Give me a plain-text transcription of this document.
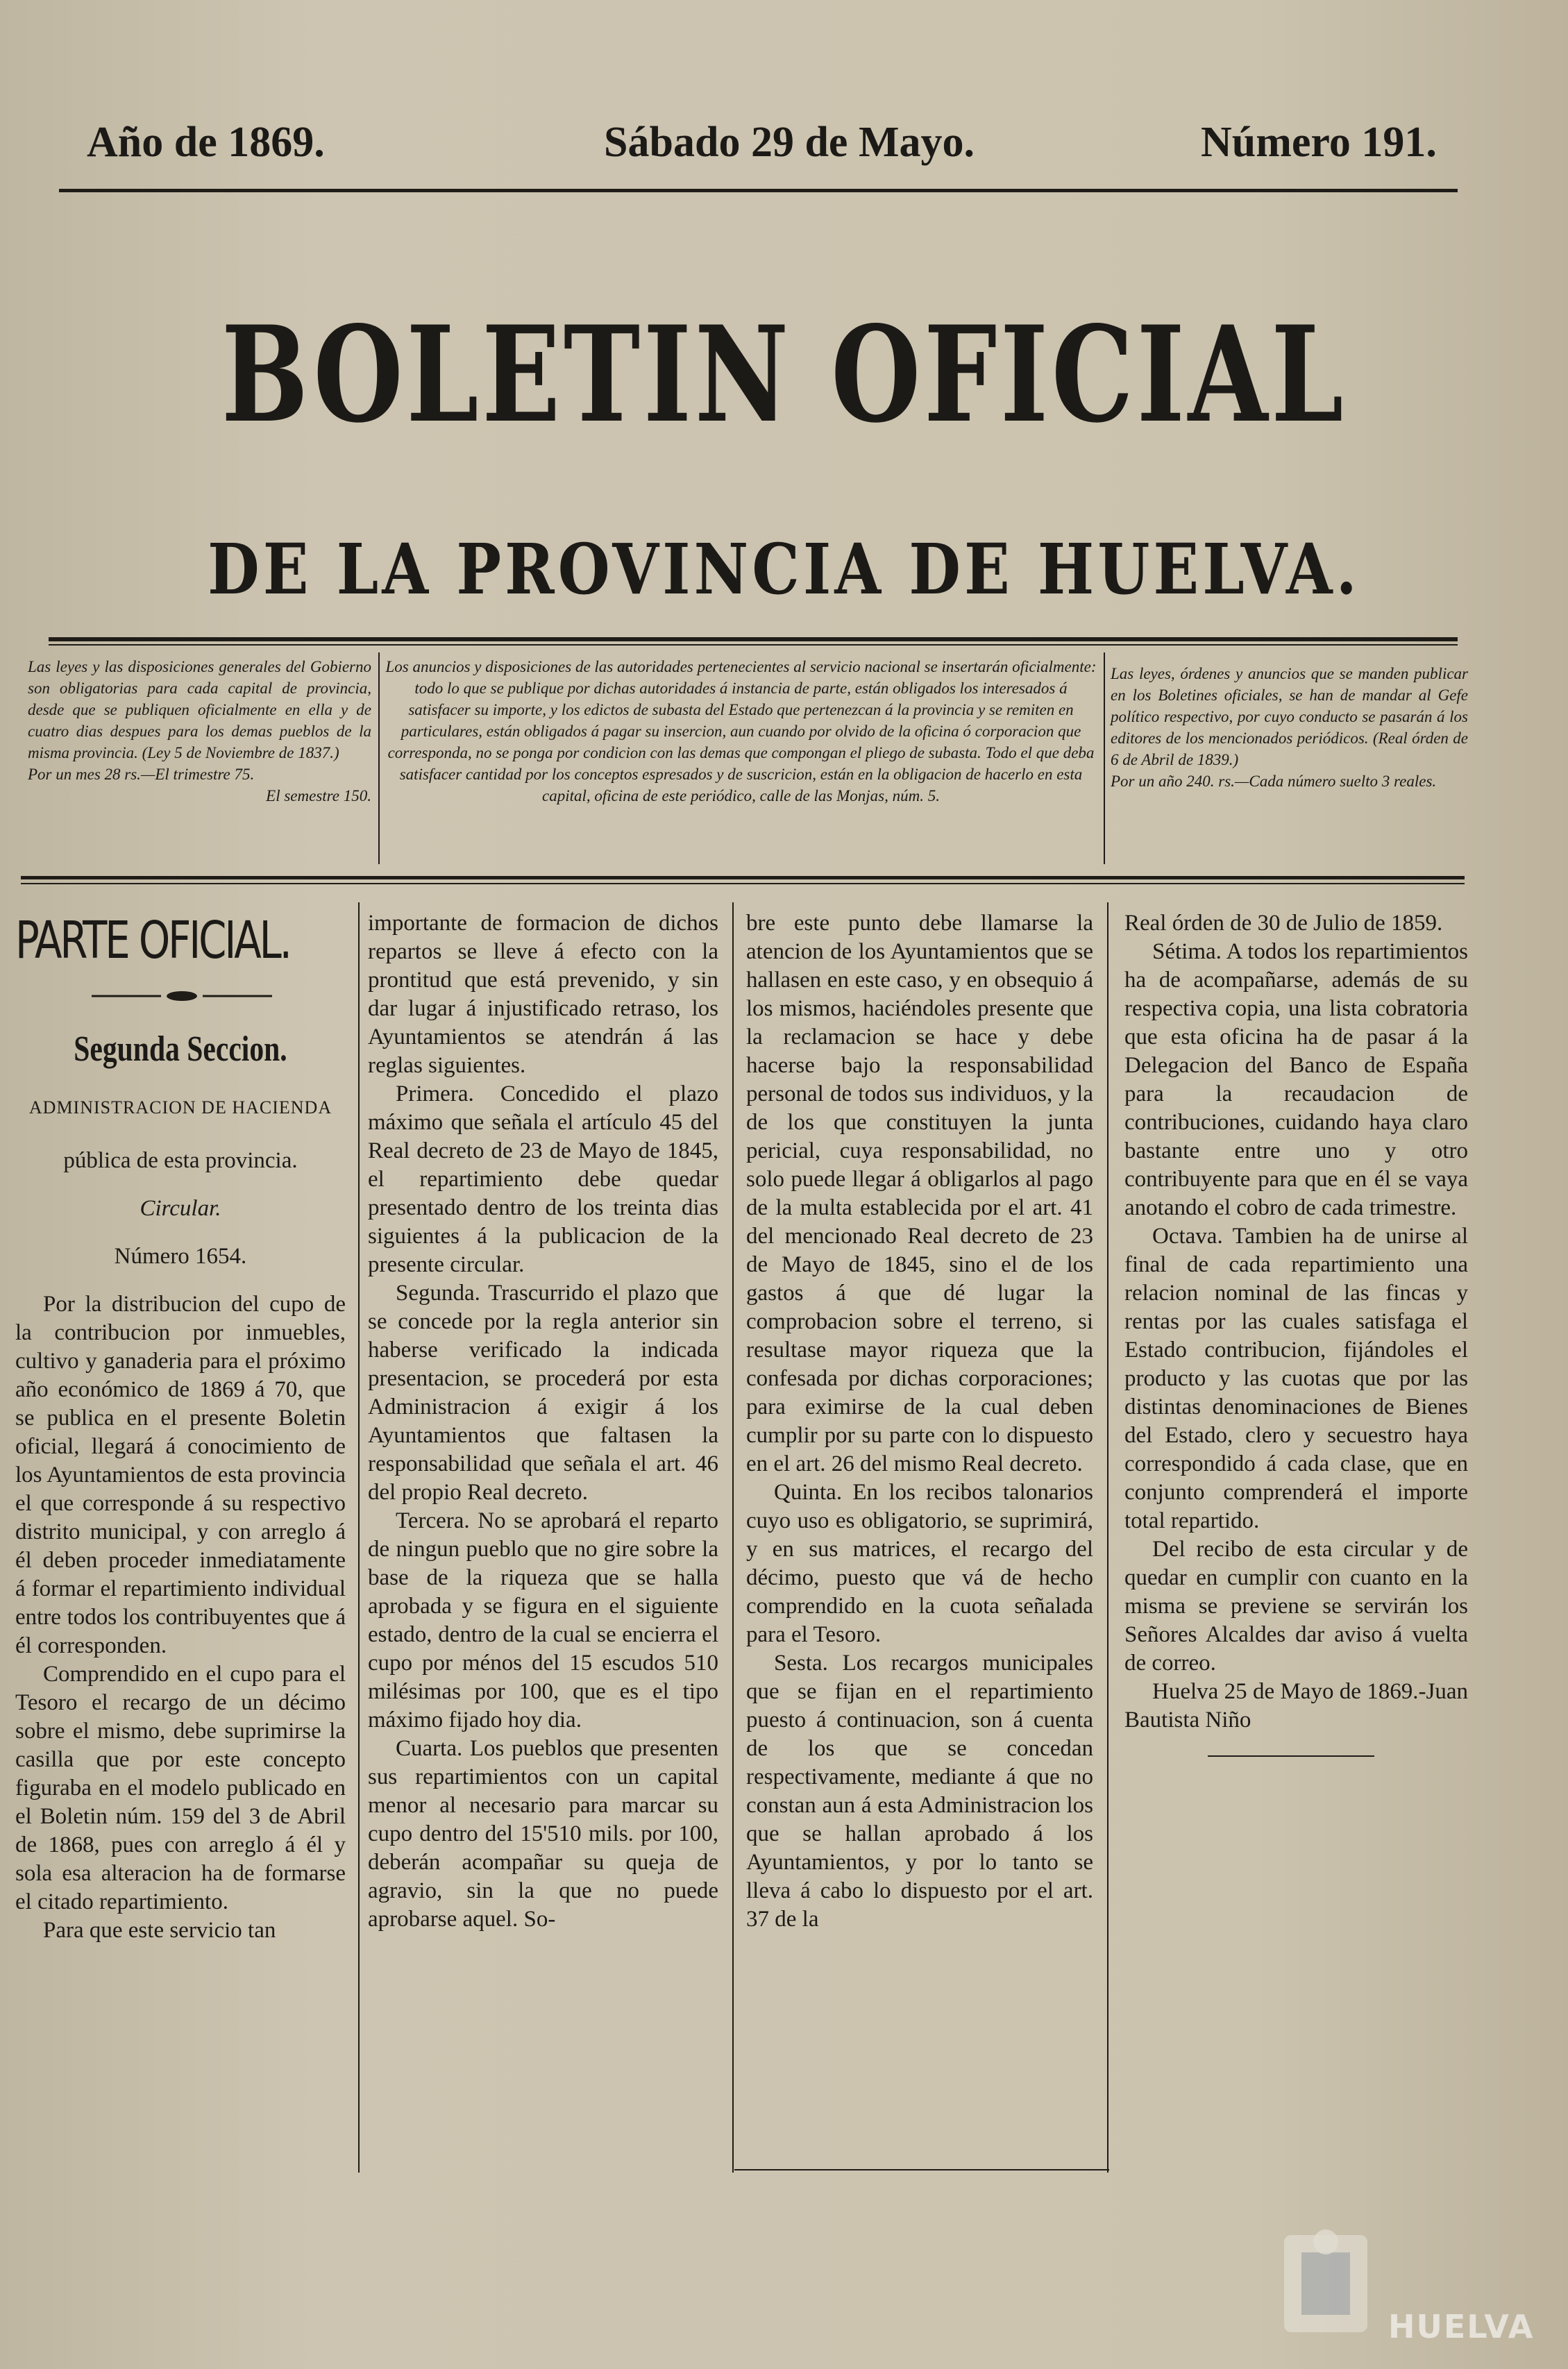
Año de 1869.	Sábado 29 de Mayo.	Número 191.
BOLETIN OFICIAL
DE LA PROVINCIA DE HUELVA.
Las leyes y las disposiciones generales del Gobierno son obligatorias para cada capital de provincia, desde que se publiquen oficialmente en ella y de cuatro dias despues para los demas pueblos de la misma provincia. (Ley 5 de Noviembre de 1837.)
Por un mes 28 rs.—El trimestre 75.
El semestre 150.
Los anuncios y disposiciones de las autoridades pertenecientes al servicio nacional se insertarán oficialmente: todo lo que se publique por dichas autoridades á instancia de parte, están obligados los interesados á satisfacer su importe, y los edictos de subasta del Estado que pertenezcan á la provincia y se remiten en particulares, están obligados á pagar su insercion, aun cuando por olvido de la oficina ó corporacion que corresponda, no se ponga por condicion con las demas que compongan el pliego de subasta. Todo el que deba satisfacer cantidad por los conceptos espresados y de suscricion, están en la obligacion de hacerlo en esta capital, oficina de este periódico, calle de las Monjas, núm. 5.
Las leyes, órdenes y anuncios que se manden publicar en los Boletines oficiales, se han de mandar al Gefe político respectivo, por cuyo conducto se pasarán á los editores de los mencionados periódicos. (Real órden de 6 de Abril de 1839.)
Por un año 240. rs.—Cada número suelto 3 reales.
PARTE OFICIAL.
Segunda Seccion.
ADMINISTRACION DE HACIENDA
pública de esta provincia.
Circular.
Número 1654.

Por la distribucion del cupo de la contribucion por inmuebles, cultivo y ganaderia para el próximo año económico de 1869 á 70, que se publica en el presente Boletin oficial, llegará á conocimiento de los Ayuntamientos de esta provincia el que corresponde á su respectivo distrito municipal, y con arreglo á él deben proceder inmediatamente á formar el repartimiento individual entre todos los contribuyentes que á él corresponden.

Comprendido en el cupo para el Tesoro el recargo de un décimo sobre el mismo, debe suprimirse la casilla que por este concepto figuraba en el modelo publicado en el Boletin núm. 159 del 3 de Abril de 1868, pues con arreglo á él y sola esa alteracion ha de formarse el citado repartimiento.

Para que este servicio tan

importante de formacion de dichos repartos se lleve á efecto con la prontitud que está prevenido, y sin dar lugar á injustificado retraso, los Ayuntamientos se atendrán á las reglas siguientes.

Primera. Concedido el plazo máximo que señala el artículo 45 del Real decreto de 23 de Mayo de 1845, el repartimiento debe quedar presentado dentro de los treinta dias siguientes á la publicacion de la presente circular.

Segunda. Trascurrido el plazo que se concede por la regla anterior sin haberse verificado la indicada presentacion, se procederá por esta Administracion á exigir á los Ayuntamientos que faltasen la responsabilidad que señala el art. 46 del propio Real decreto.

Tercera. No se aprobará el reparto de ningun pueblo que no gire sobre la base de la riqueza que se halla aprobada y se figura en el siguiente estado, dentro de la cual se encierra el cupo por ménos del 15 escudos 510 milésimas por 100, que es el tipo máximo fijado hoy dia.

Cuarta. Los pueblos que presenten sus repartimientos con un capital menor al necesario para marcar su cupo dentro del 15'510 mils. por 100, deberán acompañar su queja de agravio, sin la que no puede aprobarse aquel. So-

bre este punto debe llamarse la atencion de los Ayuntamientos que se hallasen en este caso, y en obsequio á los mismos, haciéndoles presente que la reclamacion se hace y debe hacerse bajo la responsabilidad personal de todos sus individuos, y la de los que constituyen la junta pericial, cuya responsabilidad, no solo puede llegar á obligarlos al pago de la multa establecida por el art. 41 del mencionado Real decreto de 23 de Mayo de 1845, sino el de los gastos á que dé lugar la comprobacion sobre el terreno, si resultase mayor riqueza que la confesada por dichas corporaciones; para eximirse de la cual deben cumplir por su parte con lo dispuesto en el art. 26 del mismo Real decreto.

Quinta. En los recibos talonarios cuyo uso es obligatorio, se suprimirá, y en sus matrices, el recargo del décimo, puesto que vá de hecho comprendido en la cuota señalada para el Tesoro.

Sesta. Los recargos municipales que se fijan en el repartimiento puesto á continuacion, son á cuenta de los que se concedan respectivamente, mediante á que no constan aun á esta Administracion los que se hallan aprobado á los Ayuntamientos, y por lo tanto se lleva á cabo lo dispuesto por el art. 37 de la

Real órden de 30 de Julio de 1859.

Sétima. A todos los repartimientos ha de acompañarse, además de su respectiva copia, una lista cobratoria que esta oficina ha de pasar á la Delegacion del Banco de España para la recaudacion de contribuciones, cuidando haya claro bastante entre uno y otro contribuyente para que en él se vaya anotando el cobro de cada trimestre.

Octava. Tambien ha de unirse al final de cada repartimiento una relacion nominal de las fincas y rentas por las cuales satisfaga el Estado contribucion, fijándoles el producto y las cuotas que por las distintas denominaciones de Bienes del Estado, clero y secuestro haya correspondido á cada clase, que en conjunto comprenderá el importe total repartido.

Del recibo de esta circular y de quedar en cumplir con cuanto en la misma se previene se servirán los Señores Alcaldes dar aviso á vuelta de correo.

Huelva 25 de Mayo de 1869.-Juan Bautista Niño

HUELVA
